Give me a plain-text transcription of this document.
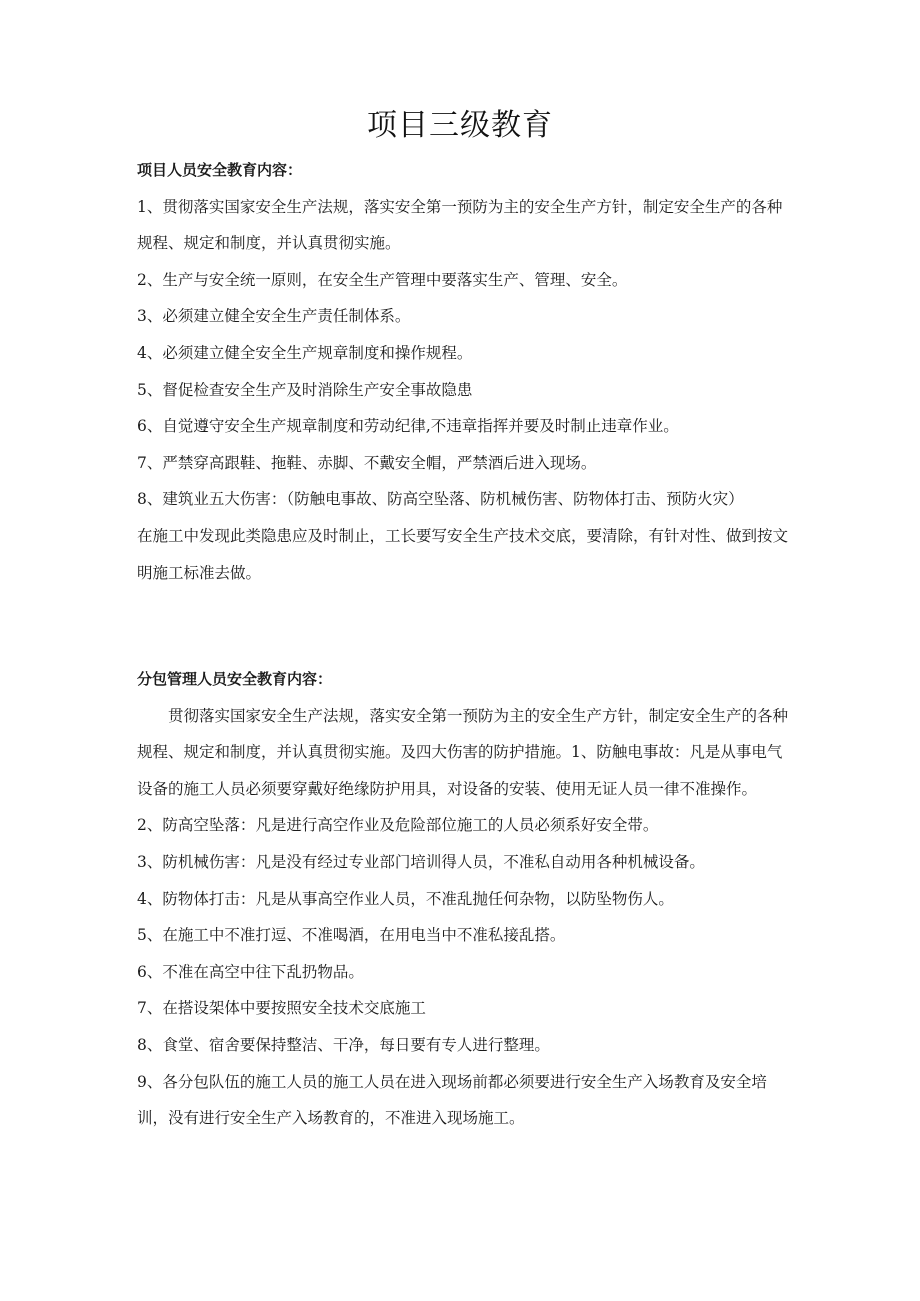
项目三级教育

项目人员安全教育内容：

1、贯彻落实国家安全生产法规，落实安全第一预防为主的安全生产方针，制定安全生产的各种规程、规定和制度，并认真贯彻实施。

2、生产与安全统一原则，在安全生产管理中要落实生产、管理、安全。

3、必须建立健全安全生产责任制体系。

4、必须建立健全安全生产规章制度和操作规程。

5、督促检查安全生产及时消除生产安全事故隐患

6、自觉遵守安全生产规章制度和劳动纪律,不违章指挥并要及时制止违章作业。

7、严禁穿高跟鞋、拖鞋、赤脚、不戴安全帽，严禁酒后进入现场。

8、建筑业五大伤害：（防触电事故、防高空坠落、防机械伤害、防物体打击、预防火灾）

在施工中发现此类隐患应及时制止，工长要写安全生产技术交底，要清除，有针对性、做到按文明施工标准去做。

分包管理人员安全教育内容：

贯彻落实国家安全生产法规，落实安全第一预防为主的安全生产方针，制定安全生产的各种规程、规定和制度，并认真贯彻实施。及四大伤害的防护措施。1、防触电事故：凡是从事电气设备的施工人员必须要穿戴好绝缘防护用具，对设备的安装、使用无证人员一律不准操作。

2、防高空坠落：凡是进行高空作业及危险部位施工的人员必须系好安全带。

3、防机械伤害：凡是没有经过专业部门培训得人员，不准私自动用各种机械设备。

4、防物体打击：凡是从事高空作业人员，不准乱抛任何杂物，以防坠物伤人。

5、在施工中不准打逗、不准喝酒，在用电当中不准私接乱搭。

6、不准在高空中往下乱扔物品。

7、在搭设架体中要按照安全技术交底施工

8、食堂、宿舍要保持整洁、干净，每日要有专人进行整理。

9、各分包队伍的施工人员的施工人员在进入现场前都必须要进行安全生产入场教育及安全培训，没有进行安全生产入场教育的，不准进入现场施工。
